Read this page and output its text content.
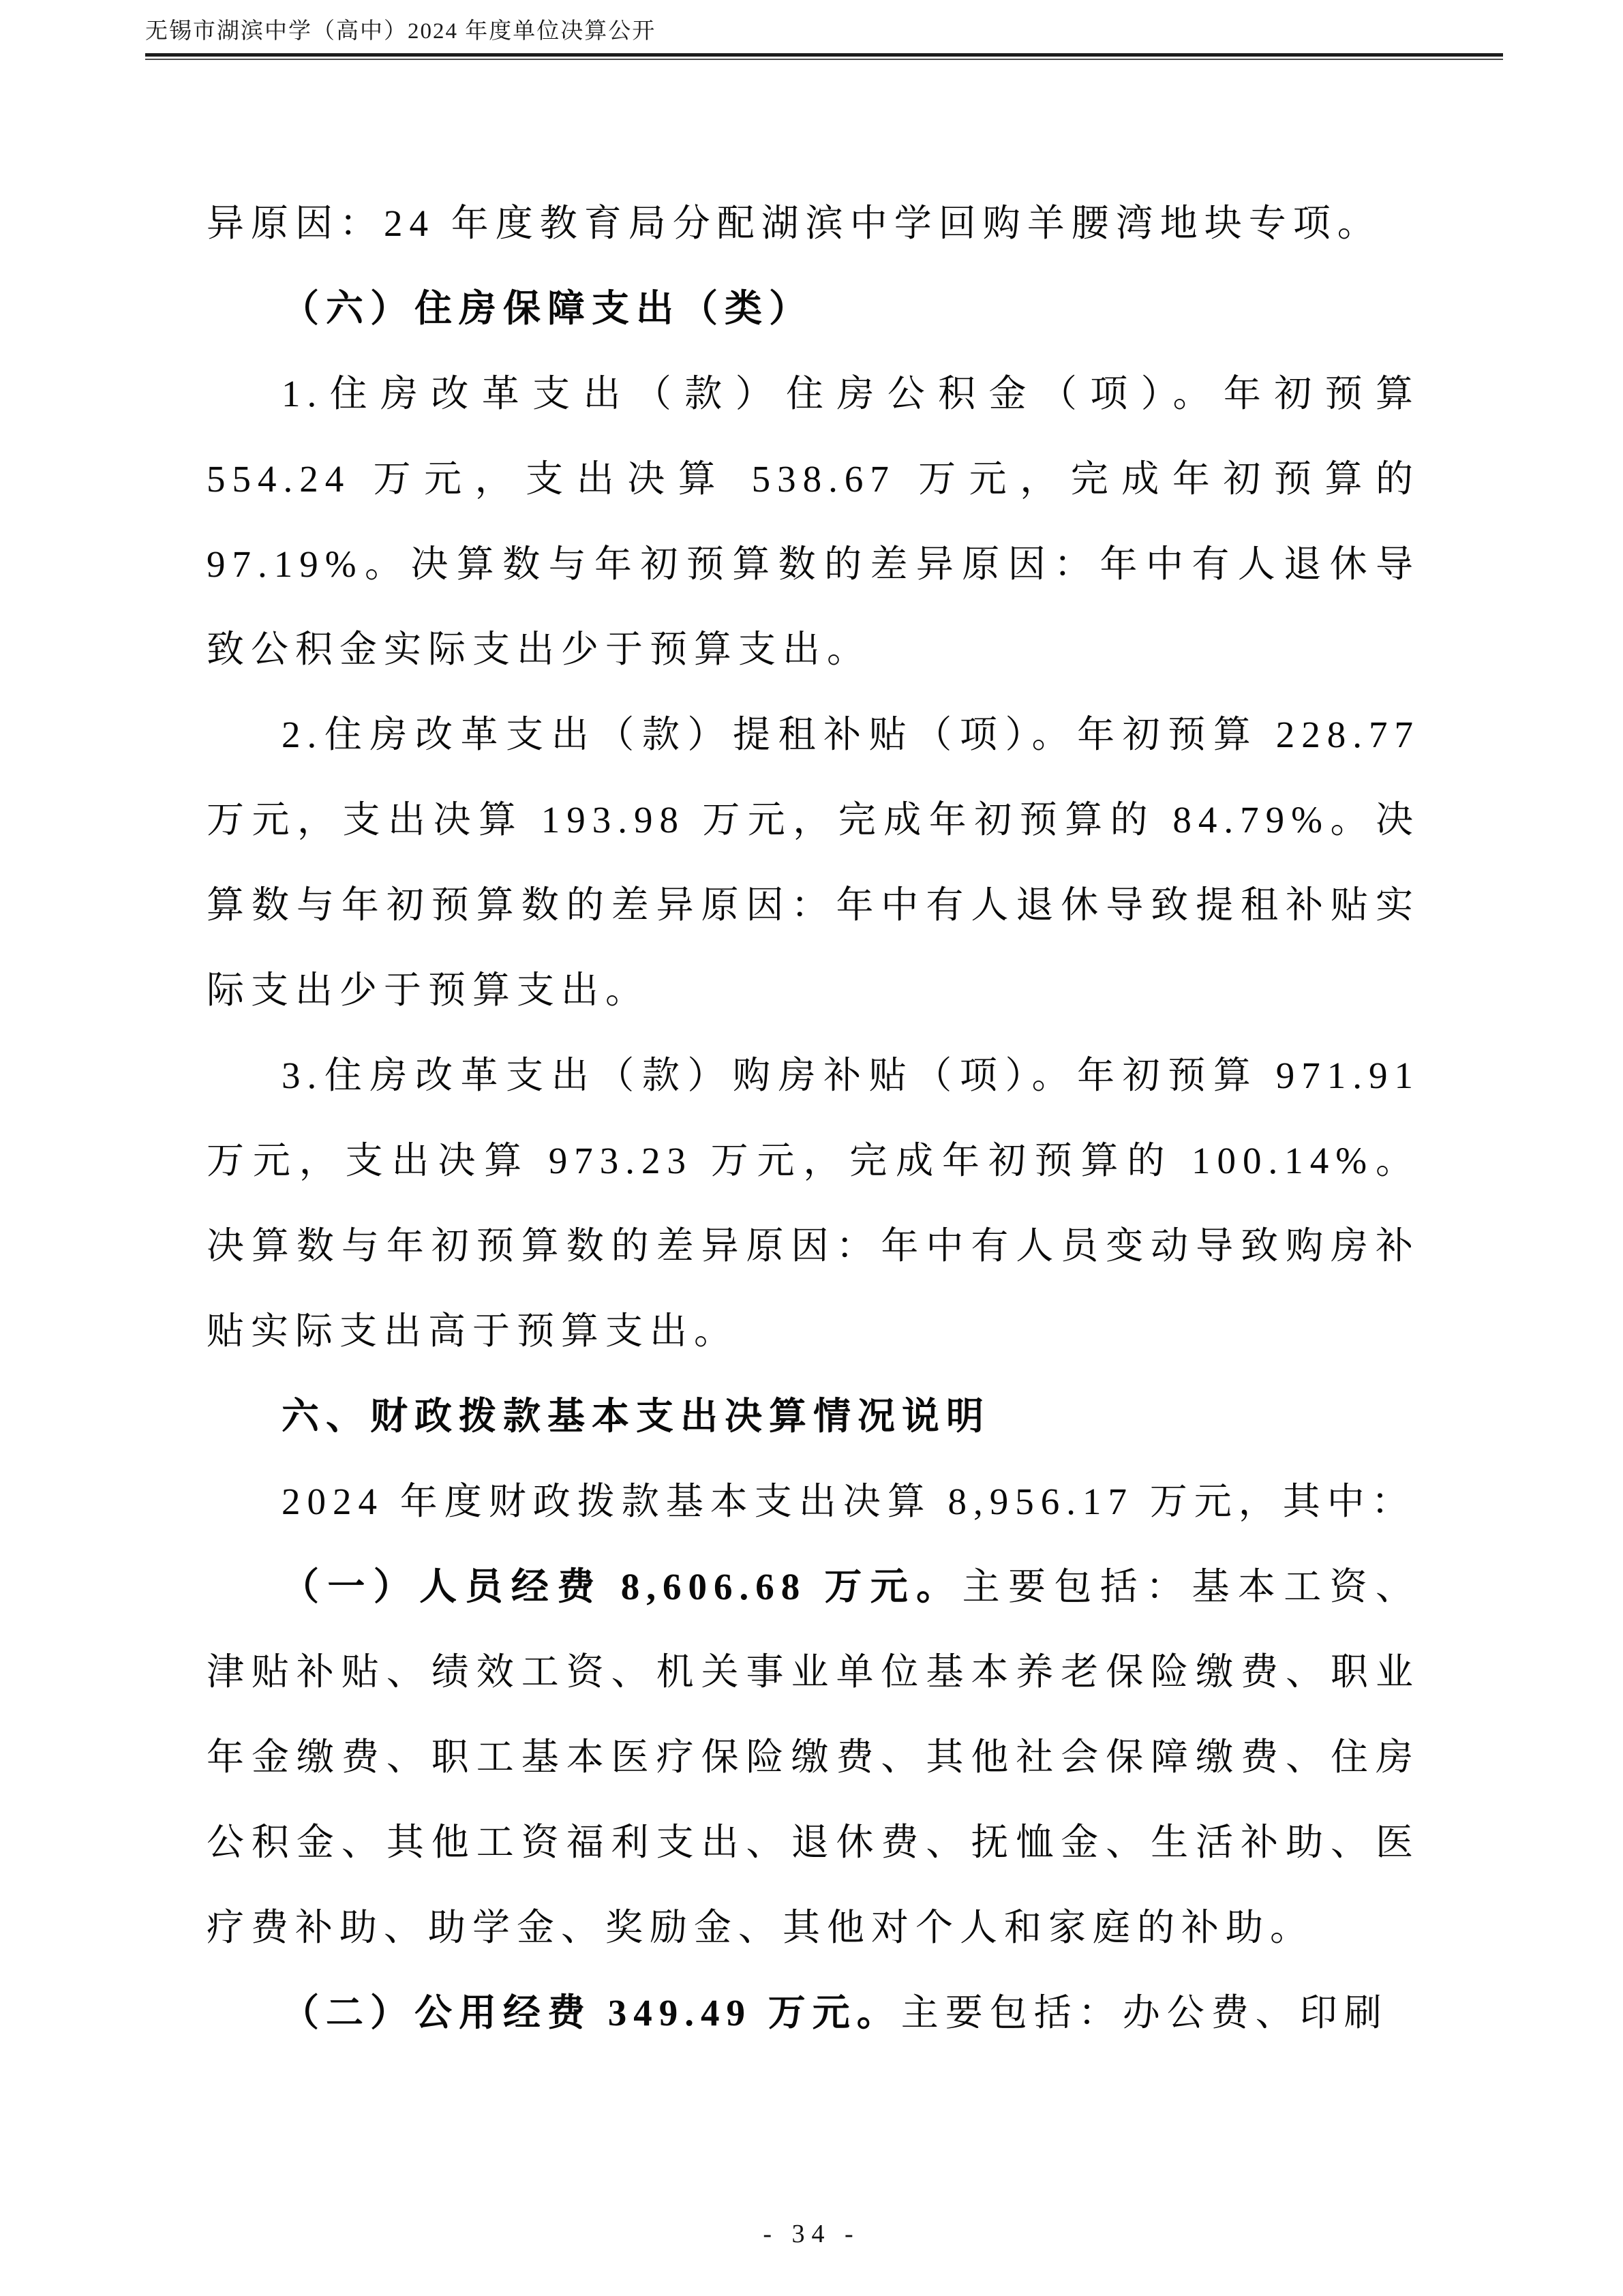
无锡市湖滨中学（高中）2024 年度单位决算公开

异原因：24 年度教育局分配湖滨中学回购羊腰湾地块专项。

（六）住房保障支出（类）

1.住房改革支出（款）住房公积金（项）。年初预算 554.24 万元，支出决算 538.67 万元，完成年初预算的 97.19%。决算数与年初预算数的差异原因：年中有人退休导致公积金实际支出少于预算支出。

2.住房改革支出（款）提租补贴（项）。年初预算 228.77 万元，支出决算 193.98 万元，完成年初预算的 84.79%。决算数与年初预算数的差异原因：年中有人退休导致提租补贴实际支出少于预算支出。

3.住房改革支出（款）购房补贴（项）。年初预算 971.91 万元，支出决算 973.23 万元，完成年初预算的 100.14%。决算数与年初预算数的差异原因：年中有人员变动导致购房补贴实际支出高于预算支出。

六、财政拨款基本支出决算情况说明

2024 年度财政拨款基本支出决算 8,956.17 万元，其中：

（一）人员经费 8,606.68 万元。主要包括：基本工资、津贴补贴、绩效工资、机关事业单位基本养老保险缴费、职业年金缴费、职工基本医疗保险缴费、其他社会保障缴费、住房公积金、其他工资福利支出、退休费、抚恤金、生活补助、医疗费补助、助学金、奖励金、其他对个人和家庭的补助。

（二）公用经费 349.49 万元。主要包括：办公费、印刷

- 34 -
